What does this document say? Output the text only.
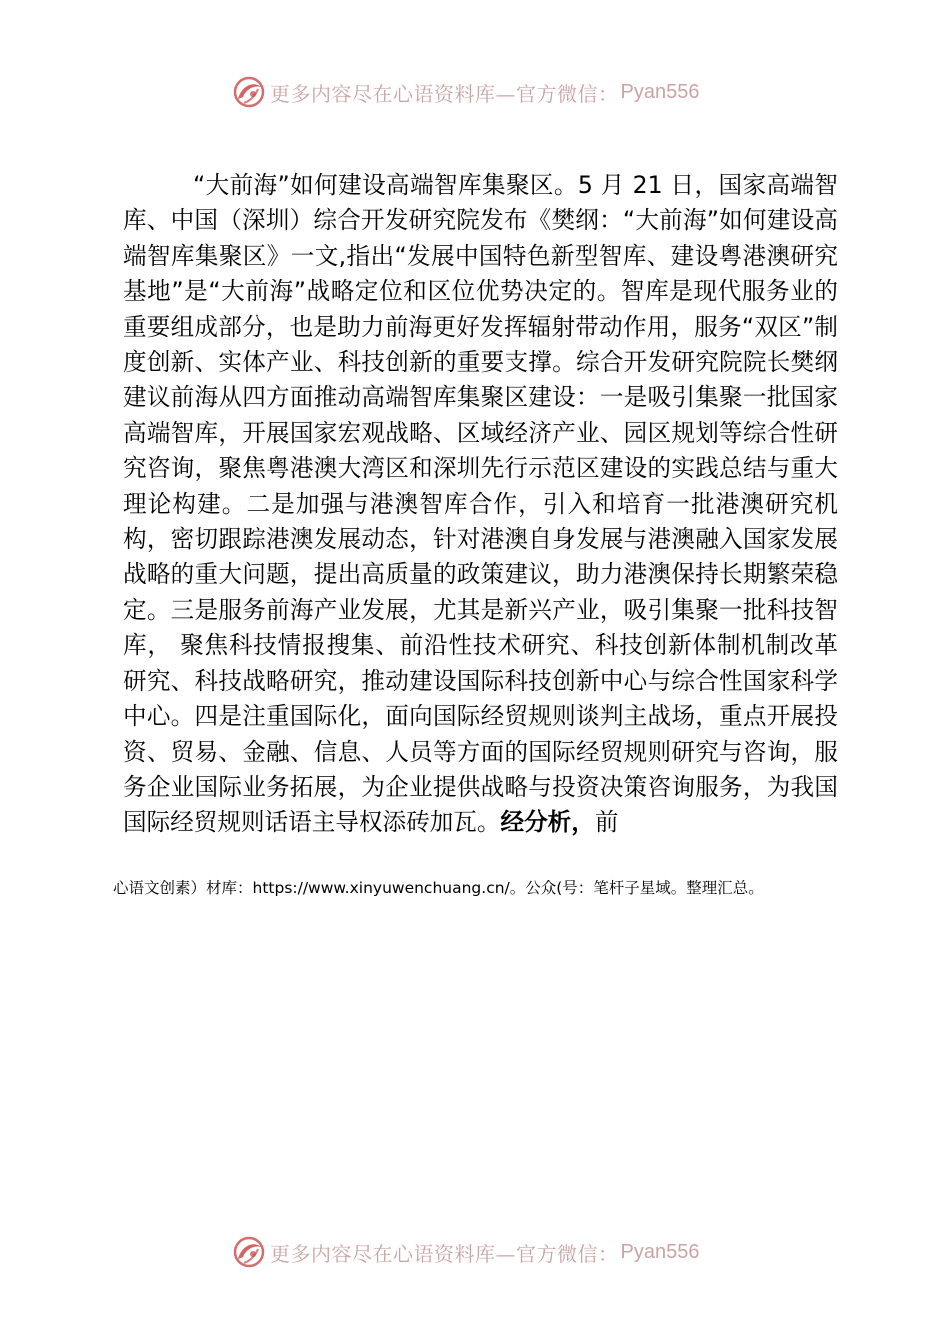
更多内容尽在心语资料库—官方微信： Pyan556

“大前海”如何建设高端智库集聚区。5 月 21 日，国家高端智库、中国（深圳）综合开发研究院发布《樊纲：“大前海”如何建设高端智库集聚区》一文,指出“发展中国特色新型智库、建设粤港澳研究基地”是“大前海”战略定位和区位优势决定的。智库是现代服务业的重要组成部分，也是助力前海更好发挥辐射带动作用，服务“双区”制度创新、实体产业、科技创新的重要支撑。综合开发研究院院长樊纲建议前海从四方面推动高端智库集聚区建设：一是吸引集聚一批国家高端智库，开展国家宏观战略、区域经济产业、园区规划等综合性研究咨询，聚焦粤港澳大湾区和深圳先行示范区建设的实践总结与重大理论构建。二是加强与港澳智库合作，引入和培育一批港澳研究机构，密切跟踪港澳发展动态，针对港澳自身发展与港澳融入国家发展战略的重大问题，提出高质量的政策建议，助力港澳保持长期繁荣稳定。三是服务前海产业发展，尤其是新兴产业，吸引集聚一批科技智库， 聚焦科技情报搜集、前沿性技术研究、科技创新体制机制改革研究、科技战略研究，推动建设国际科技创新中心与综合性国家科学中心。四是注重国际化，面向国际经贸规则谈判主战场，重点开展投资、贸易、金融、信息、人员等方面的国际经贸规则研究与咨询，服务企业国际业务拓展，为企业提供战略与投资决策咨询服务，为我国国际经贸规则话语主导权添砖加瓦。经分析，前

心语文创素）材库：https://www.xinyuwenchuang.cn/。公众(号：笔杆子星域。整理汇总。

更多内容尽在心语资料库—官方微信： Pyan556
